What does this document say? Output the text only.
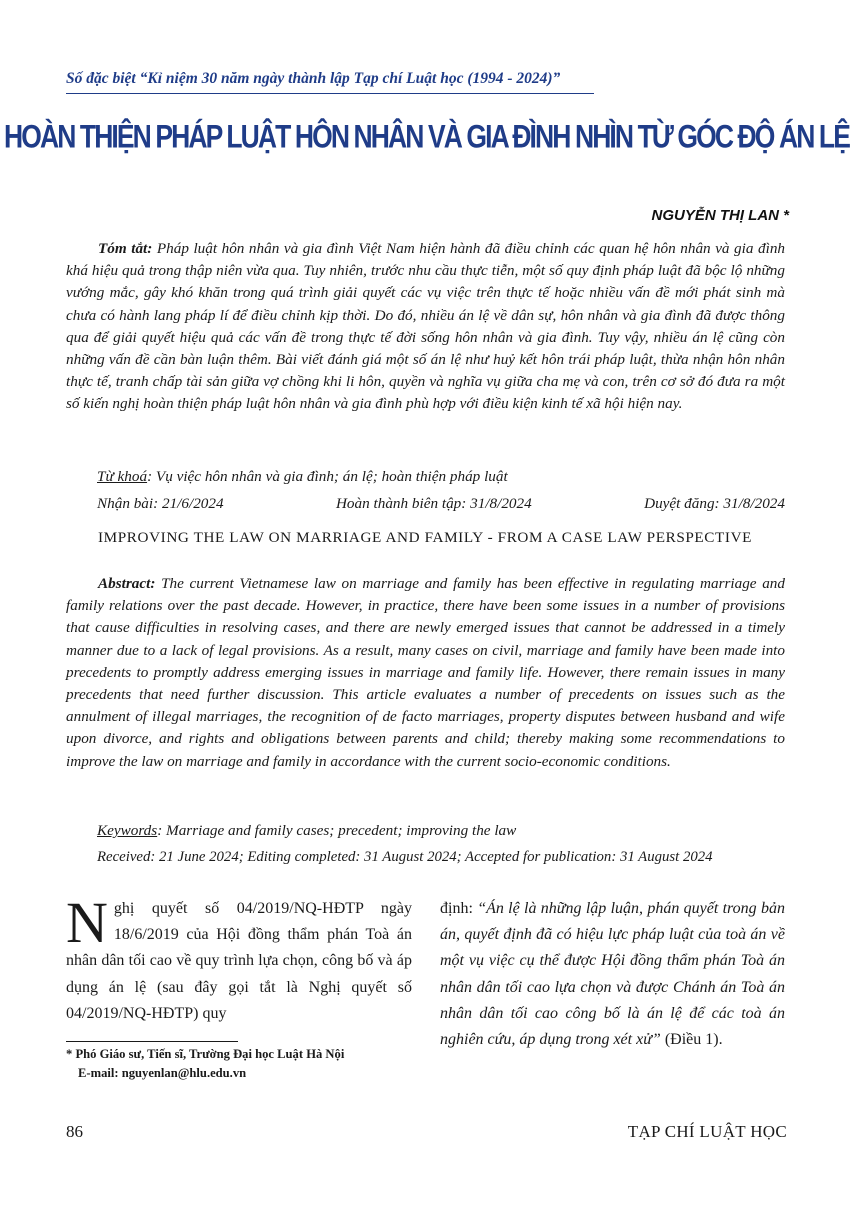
Số đặc biệt “Kỉ niệm 30 năm ngày thành lập Tạp chí Luật học (1994 - 2024)”
HOÀN THIỆN PHÁP LUẬT HÔN NHÂN VÀ GIA ĐÌNH NHÌN TỪ GÓC ĐỘ ÁN LỆ
NGUYỄN THỊ LAN *

Tóm tắt: Pháp luật hôn nhân và gia đình Việt Nam hiện hành đã điều chỉnh các quan hệ hôn nhân và gia đình khá hiệu quả trong thập niên vừa qua. Tuy nhiên, trước nhu cầu thực tiễn, một số quy định pháp luật đã bộc lộ những vướng mắc, gây khó khăn trong quá trình giải quyết các vụ việc trên thực tế hoặc nhiều vấn đề mới phát sinh mà chưa có hành lang pháp lí để điều chỉnh kịp thời. Do đó, nhiều án lệ về dân sự, hôn nhân và gia đình đã được thông qua để giải quyết hiệu quả các vấn đề trong thực tế đời sống hôn nhân và gia đình. Tuy vậy, nhiều án lệ cũng còn những vấn đề cần bàn luận thêm. Bài viết đánh giá một số án lệ như huỷ kết hôn trái pháp luật, thừa nhận hôn nhân thực tế, tranh chấp tài sản giữa vợ chồng khi li hôn, quyền và nghĩa vụ giữa cha mẹ và con, trên cơ sở đó đưa ra một số kiến nghị hoàn thiện pháp luật hôn nhân và gia đình phù hợp với điều kiện kinh tế xã hội hiện nay.

Từ khoá: Vụ việc hôn nhân và gia đình; án lệ; hoàn thiện pháp luật
Nhận bài: 21/6/2024	Hoàn thành biên tập: 31/8/2024	Duyệt đăng: 31/8/2024

IMPROVING THE LAW ON MARRIAGE AND FAMILY - FROM A CASE LAW PERSPECTIVE

Abstract: The current Vietnamese law on marriage and family has been effective in regulating marriage and family relations over the past decade. However, in practice, there have been some issues in a number of provisions that cause difficulties in resolving cases, and there are newly emerged issues that cannot be addressed in a timely manner due to a lack of legal provisions. As a result, many cases on civil, marriage and family have been made into precedents to promptly address emerging issues in marriage and family life. However, there remain issues in many precedents that need further discussion. This article evaluates a number of precedents on issues such as the annulment of illegal marriages, the recognition of de facto marriages, property disputes between husband and wife upon divorce, and rights and obligations between parents and child; thereby making some recommendations to improve the law on marriage and family in accordance with the current socio-economic conditions.

Keywords: Marriage and family cases; precedent; improving the law
Received: 21 June 2024; Editing completed: 31 August 2024; Accepted for publication: 31 August 2024

Nghị quyết số 04/2019/NQ-HĐTP ngày 18/6/2019 của Hội đồng thẩm phán Toà án nhân dân tối cao về quy trình lựa chọn, công bố và áp dụng án lệ (sau đây gọi tắt là Nghị quyết số 04/2019/NQ-HĐTP) quy

định: “Án lệ là những lập luận, phán quyết trong bản án, quyết định đã có hiệu lực pháp luật của toà án về một vụ việc cụ thể được Hội đồng thẩm phán Toà án nhân dân tối cao lựa chọn và được Chánh án Toà án nhân dân tối cao công bố là án lệ để các toà án nghiên cứu, áp dụng trong xét xử” (Điều 1).

* Phó Giáo sư, Tiến sĩ, Trường Đại học Luật Hà Nội
E-mail: nguyenlan@hlu.edu.vn
86	TẠP CHÍ LUẬT HỌC
